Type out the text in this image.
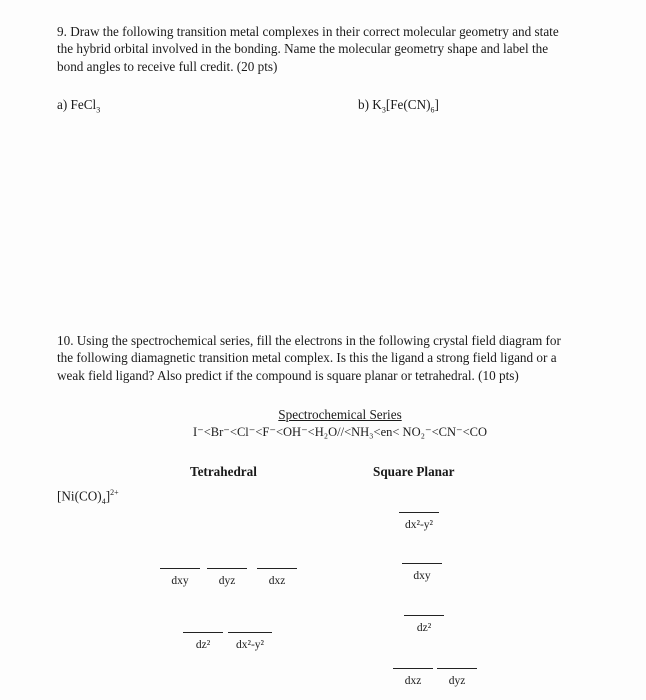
9. Draw the following transition metal complexes in their correct molecular geometry and state
the hybrid orbital involved in the bonding. Name the molecular geometry shape and label the
bond angles to receive full credit. (20 pts)
a) FeCl$_3$	b) $K_3[Fe(CN)_6]$
10. Using the spectrochemical series, fill the electrons in the following crystal field diagram for
the following diamagnetic transition metal complex. Is this the ligand a strong field ligand or a
weak field ligand? Also predict if the compound is square planar or tetrahedral. (10 pts)
Spectrochemical Series
I⁻<Br⁻<Cl⁻<F⁻<OH⁻<H₂O//<NH₃<en< NO₂⁻<CN⁻<CO
Tetrahedral	Square Planar
$[Ni(CO)_4]^{2+}$
dx²-y²
dxy	dyz	dxz	dxy
dz²
dz²	dx²-y²
dxz	dyz
